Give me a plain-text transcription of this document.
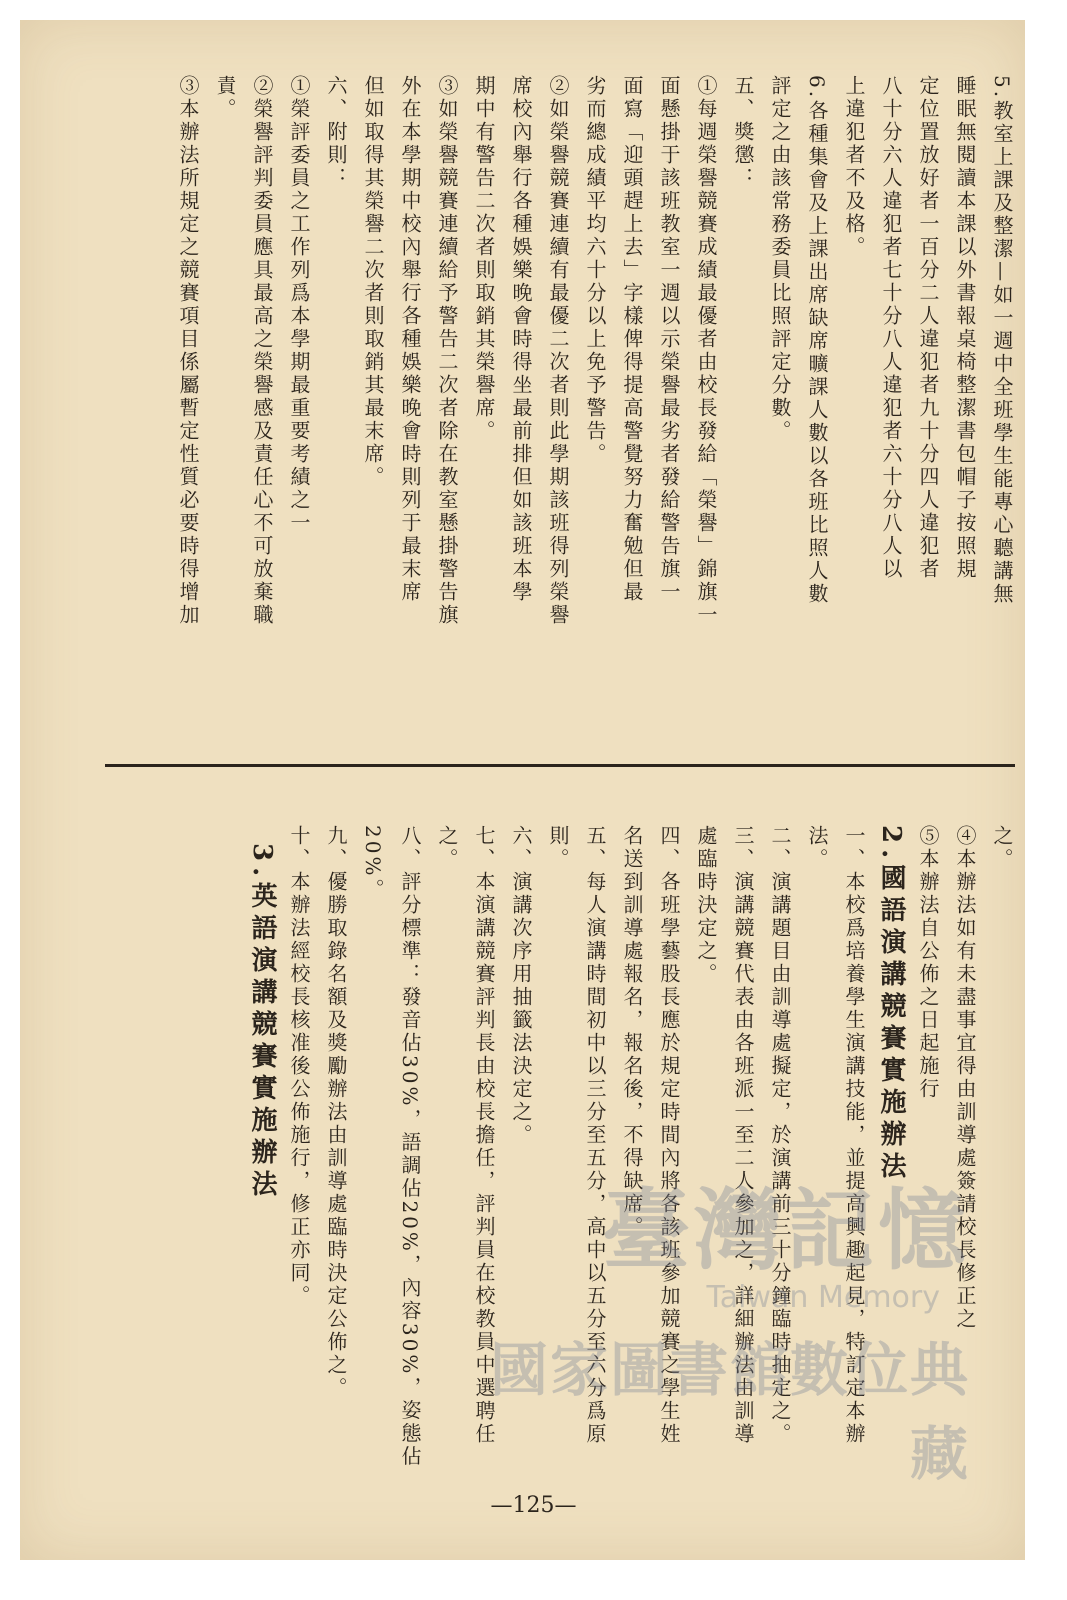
5.教室上課及整潔—如一週中全班學生能專心聽講無
睡眠無閱讀本課以外書報桌椅整潔書包帽子按照規
定位置放好者一百分二人違犯者九十分四人違犯者
八十分六人違犯者七十分八人違犯者六十分八人以
上違犯者不及格。
6.各種集會及上課出席缺席曠課人數以各班比照人數
評定之由該常務委員比照評定分數。
五、獎懲：
①每週榮譽競賽成績最優者由校長發給「榮譽」錦旗一
面懸掛于該班教室一週以示榮譽最劣者發給警告旗一
面寫「迎頭趕上去」字樣俾得提高警覺努力奮勉但最
劣而總成績平均六十分以上免予警告。
②如榮譽競賽連續有最優二次者則此學期該班得列榮譽
席校內舉行各種娛樂晚會時得坐最前排但如該班本學
期中有警告二次者則取銷其榮譽席。
③如榮譽競賽連續給予警告二次者除在教室懸掛警告旗
外在本學期中校內舉行各種娛樂晚會時則列于最末席
但如取得其榮譽二次者則取銷其最末席。
六、附則：
①榮評委員之工作列爲本學期最重要考績之一
②榮譽評判委員應具最高之榮譽感及責任心不可放棄職
責。
③本辦法所規定之競賽項目係屬暫定性質必要時得增加
之。
④本辦法如有未盡事宜得由訓導處簽請校長修正之
⑤本辦法自公佈之日起施行
2.國語演講競賽實施辦法
一、本校爲培養學生演講技能，並提高興趣起見，特訂定本辦
法。
二、演講題目由訓導處擬定，於演講前三十分鐘臨時抽定之。
三、演講競賽代表由各班派一至二人參加之，詳細辦法由訓導
處臨時決定之。
四、各班學藝股長應於規定時間內將各該班參加競賽之學生姓
名送到訓導處報名，報名後，不得缺席。
五、每人演講時間初中以三分至五分，高中以五分至六分爲原
則。
六、演講次序用抽籤法決定之。
七、本演講競賽評判長由校長擔任，評判員在校教員中選聘任
之。
八、評分標準：發音佔30%，語調佔20%，內容30%，姿態佔
20%。
九、優勝取錄名額及獎勵辦法由訓導處臨時決定公佈之。
十、本辦法經校長核准後公佈施行，修正亦同。
3.英語演講競賽實施辦法
臺灣記憶
Taiwan Memory
國家圖書館數位典藏
—125—
